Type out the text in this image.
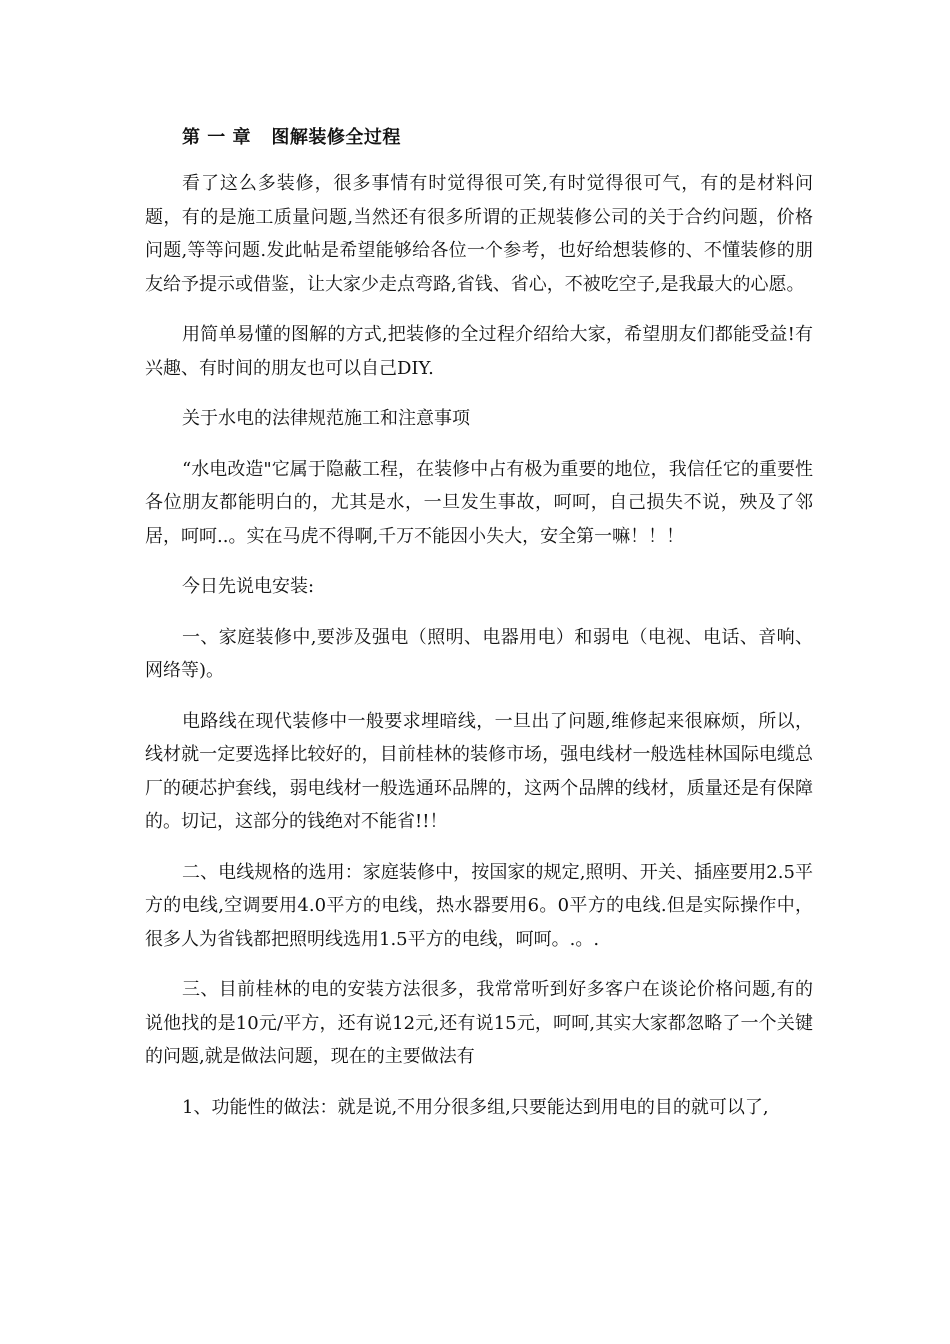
第 一 章   图解装修全过程

看了这么多装修，很多事情有时觉得很可笑,有时觉得很可气，有的是材料问题，有的是施工质量问题,当然还有很多所谓的正规装修公司的关于合约问题，价格问题,等等问题.发此帖是希望能够给各位一个参考，也好给想装修的、不懂装修的朋友给予提示或借鉴，让大家少走点弯路,省钱、省心，不被吃空子,是我最大的心愿。

用简单易懂的图解的方式,把装修的全过程介绍给大家，希望朋友们都能受益!有兴趣、有时间的朋友也可以自己DIY.

关于水电的法律规范施工和注意事项

“水电改造"它属于隐蔽工程，在装修中占有极为重要的地位，我信任它的重要性各位朋友都能明白的，尤其是水，一旦发生事故，呵呵，自己损失不说，殃及了邻居，呵呵..。实在马虎不得啊,千万不能因小失大，安全第一嘛！！！

今日先说电安装:

一、家庭装修中,要涉及强电（照明、电器用电）和弱电（电视、电话、音响、网络等)。

电路线在现代装修中一般要求埋暗线，一旦出了问题,维修起来很麻烦，所以，线材就一定要选择比较好的，目前桂林的装修市场，强电线材一般选桂林国际电缆总厂的硬芯护套线，弱电线材一般选通环品牌的，这两个品牌的线材，质量还是有保障的。切记，这部分的钱绝对不能省!!！

二、电线规格的选用：家庭装修中，按国家的规定,照明、开关、插座要用2.5平方的电线,空调要用4.0平方的电线，热水器要用6。0平方的电线.但是实际操作中，很多人为省钱都把照明线选用1.5平方的电线，呵呵。.。.

三、目前桂林的电的安装方法很多，我常常听到好多客户在谈论价格问题,有的说他找的是10元/平方，还有说12元,还有说15元，呵呵,其实大家都忽略了一个关键的问题,就是做法问题，现在的主要做法有

1、功能性的做法：就是说,不用分很多组,只要能达到用电的目的就可以了,
